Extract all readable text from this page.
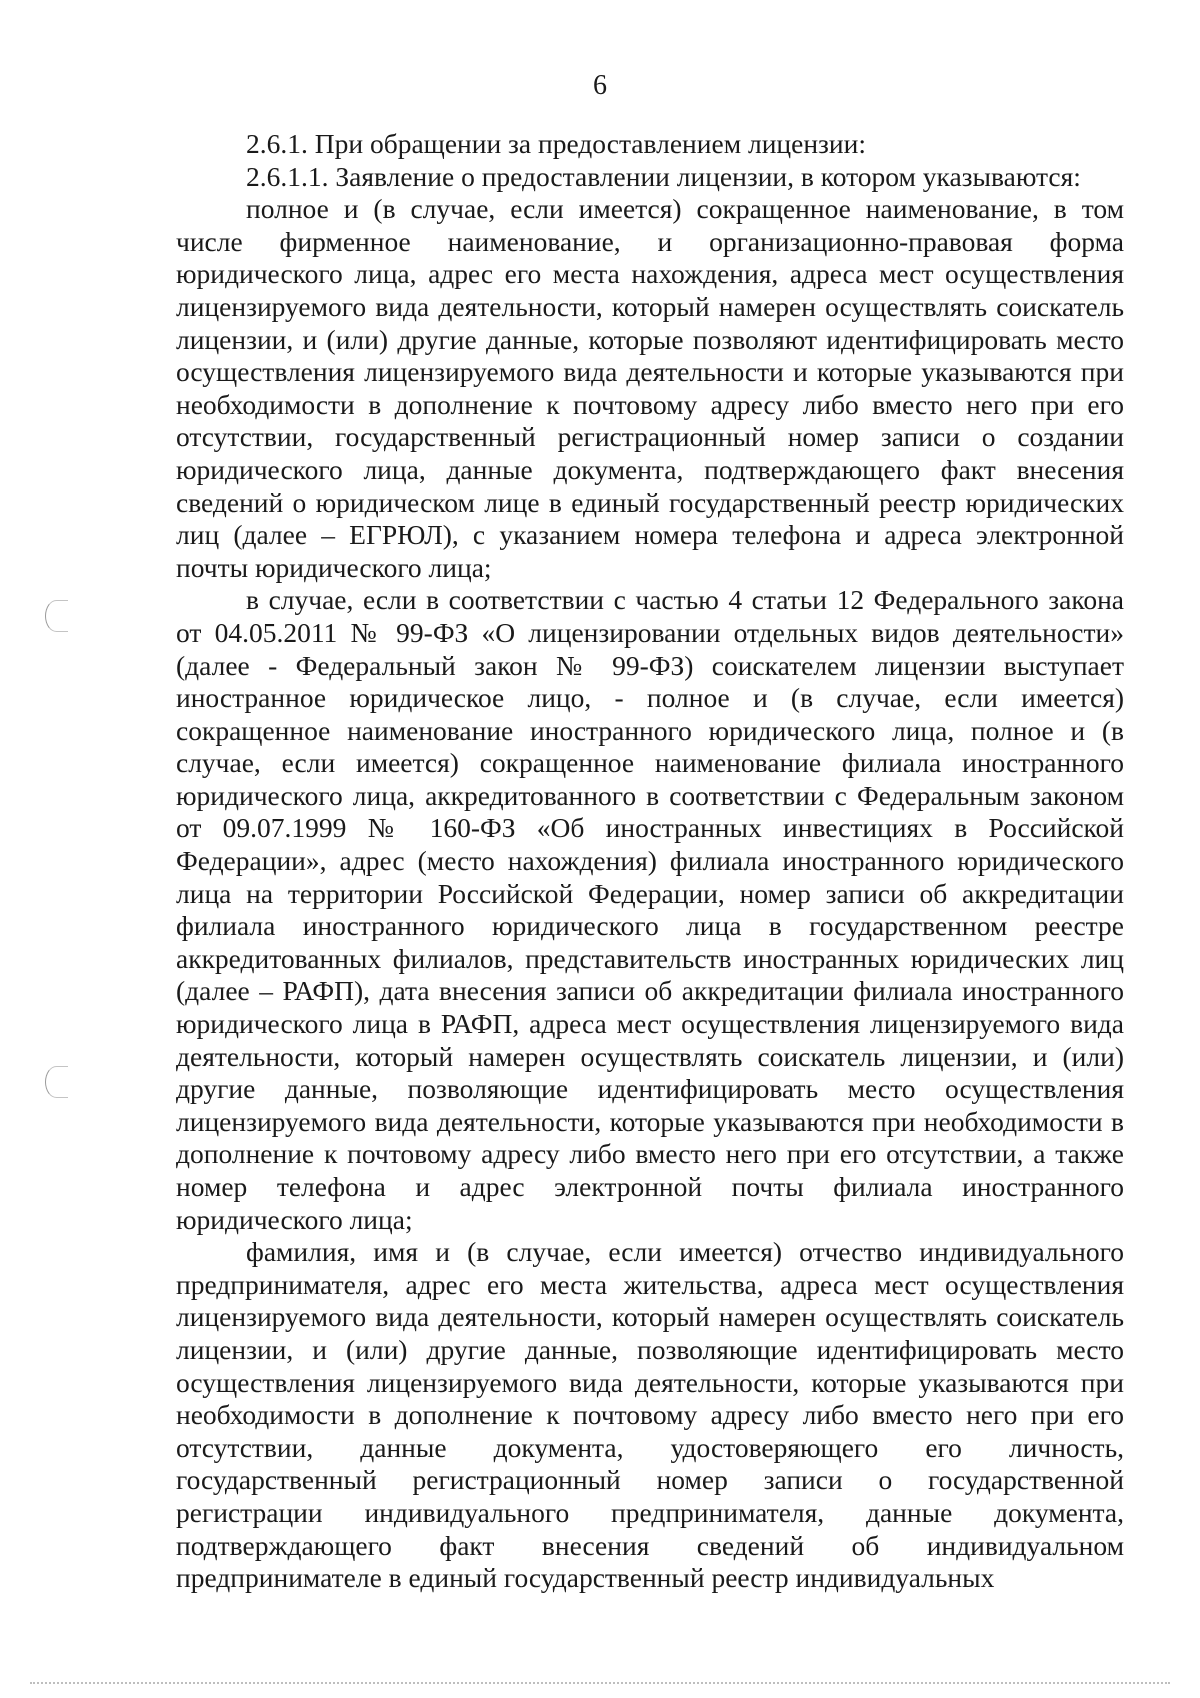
6

2.6.1. При обращении за предоставлением лицензии:

2.6.1.1. Заявление о предоставлении лицензии, в котором указываются:

полное и (в случае, если имеется) сокращенное наименование, в том числе фирменное наименование, и организационно-правовая форма юридического лица, адрес его места нахождения, адреса мест осуществления лицензируемого вида деятельности, который намерен осуществлять соискатель лицензии, и (или) другие данные, которые позволяют идентифицировать место осуществления лицензируемого вида деятельности и которые указываются при необходимости в дополнение к почтовому адресу либо вместо него при его отсутствии, государственный регистрационный номер записи о создании юридического лица, данные документа, подтверждающего факт внесения сведений о юридическом лице в единый государственный реестр юридических лиц (далее – ЕГРЮЛ), с указанием номера телефона и адреса электронной почты юридического лица;

в случае, если в соответствии с частью 4 статьи 12 Федерального закона от 04.05.2011 № 99-ФЗ «О лицензировании отдельных видов деятельности» (далее - Федеральный закон № 99-ФЗ) соискателем лицензии выступает иностранное юридическое лицо, - полное и (в случае, если имеется) сокращенное наименование иностранного юридического лица, полное и (в случае, если имеется) сокращенное наименование филиала иностранного юридического лица, аккредитованного в соответствии с Федеральным законом от 09.07.1999 № 160-ФЗ «Об иностранных инвестициях в Российской Федерации», адрес (место нахождения) филиала иностранного юридического лица на территории Российской Федерации, номер записи об аккредитации филиала иностранного юридического лица в государственном реестре аккредитованных филиалов, представительств иностранных юридических лиц (далее – РАФП), дата внесения записи об аккредитации филиала иностранного юридического лица в РАФП, адреса мест осуществления лицензируемого вида деятельности, который намерен осуществлять соискатель лицензии, и (или) другие данные, позволяющие идентифицировать место осуществления лицензируемого вида деятельности, которые указываются при необходимости в дополнение к почтовому адресу либо вместо него при его отсутствии, а также номер телефона и адрес электронной почты филиала иностранного юридического лица;

фамилия, имя и (в случае, если имеется) отчество индивидуального предпринимателя, адрес его места жительства, адреса мест осуществления лицензируемого вида деятельности, который намерен осуществлять соискатель лицензии, и (или) другие данные, позволяющие идентифицировать место осуществления лицензируемого вида деятельности, которые указываются при необходимости в дополнение к почтовому адресу либо вместо него при его отсутствии, данные документа, удостоверяющего его личность, государственный регистрационный номер записи о государственной регистрации индивидуального предпринимателя, данные документа, подтверждающего факт внесения сведений об индивидуальном предпринимателе в единый государственный реестр индивидуальных
